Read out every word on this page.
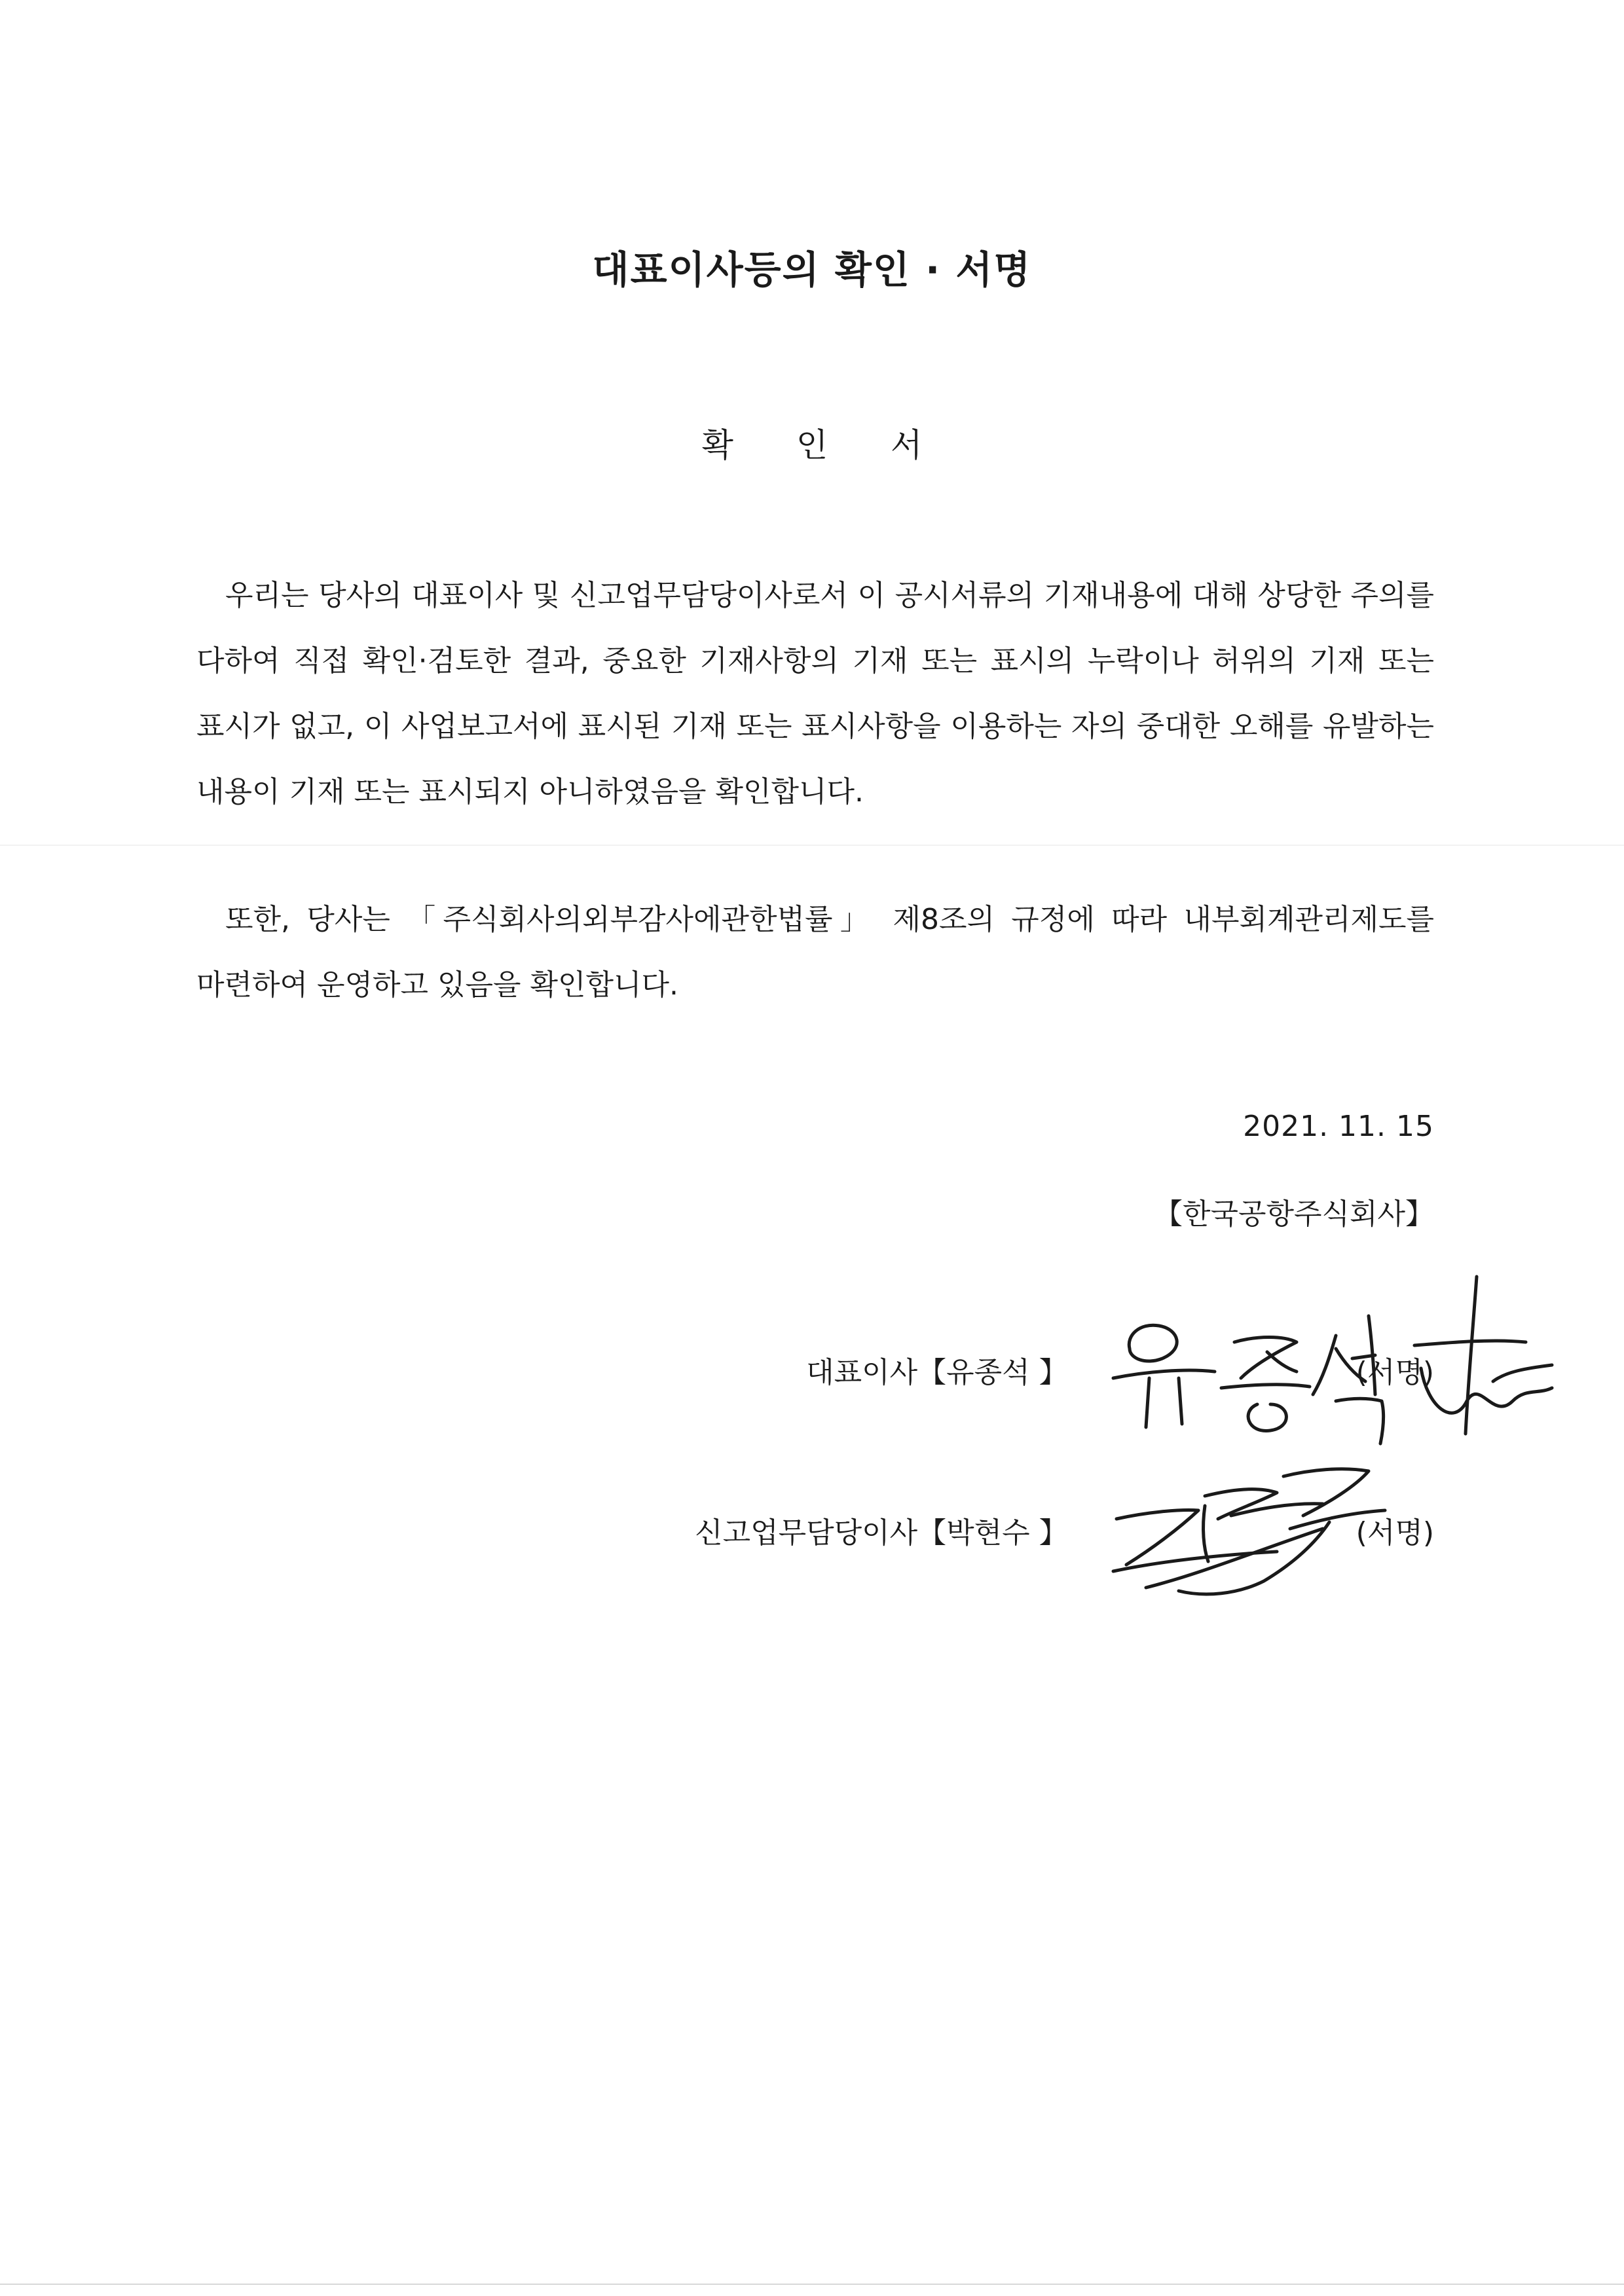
대표이사등의 확인 · 서명
확 인 서

우리는 당사의 대표이사 및 신고업무담당이사로서 이 공시서류의 기재내용에 대해 상당한 주의를 다하여 직접 확인·검토한 결과, 중요한 기재사항의 기재 또는 표시의 누락이나 허위의 기재 또는 표시가 없고, 이 사업보고서에 표시된 기재 또는 표시사항을 이용하는 자의 중대한 오해를 유발하는 내용이 기재 또는 표시되지 아니하였음을 확인합니다.

또한, 당사는 「주식회사의외부감사에관한법률」 제8조의 규정에 따라 내부회계관리제도를 마련하여 운영하고 있음을 확인합니다.

2021. 11. 15
【한국공항주식회사】
대표이사【유종석 】	(서명)
신고업무담당이사【박현수 】	(서명)
